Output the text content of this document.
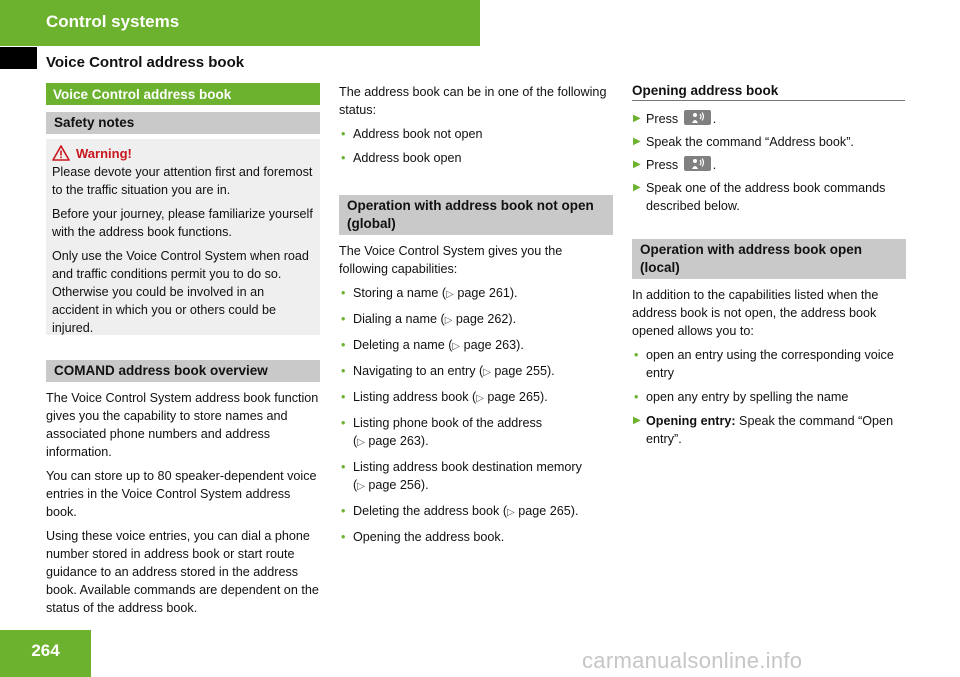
Control systems
Voice Control address book
Voice Control address book
Safety notes
Warning!

Please devote your attention first and foremost to the traffic situation you are in.

Before your journey, please familiarize yourself with the address book functions.

Only use the Voice Control System when road and traffic conditions permit you to do so. Otherwise you could be involved in an accident in which you or others could be injured.

COMAND address book overview

The Voice Control System address book function gives you the capability to store names and associated phone numbers and address information.

You can store up to 80 speaker-dependent voice entries in the Voice Control System address book.

Using these voice entries, you can dial a phone number stored in address book or start route guidance to an address stored in the address book. Available commands are dependent on the status of the address book.

The address book can be in one of the following status:

• Address book not open
• Address book open
Operation with address book not open (global)

The Voice Control System gives you the following capabilities:

• Storing a name (▷ page 261).
• Dialing a name (▷ page 262).
• Deleting a name (▷ page 263).
• Navigating to an entry (▷ page 255).
• Listing address book (▷ page 265).
• Listing phone book of the address
(▷ page 263).
• Listing address book destination memory
(▷ page 256).
• Deleting the address book (▷ page 265).
• Opening the address book.
Opening address book
▶ Press	.
▶ Speak the command “Address book”.
▶ Press	.
▶ Speak one of the address book commands described below.
Operation with address book open (local)

In addition to the capabilities listed when the address book is not open, the address book opened allows you to:

• open an entry using the corresponding voice entry
• open any entry by spelling the name
▶ Opening entry: Speak the command “Open entry”.
264	carmanualsonline.info
